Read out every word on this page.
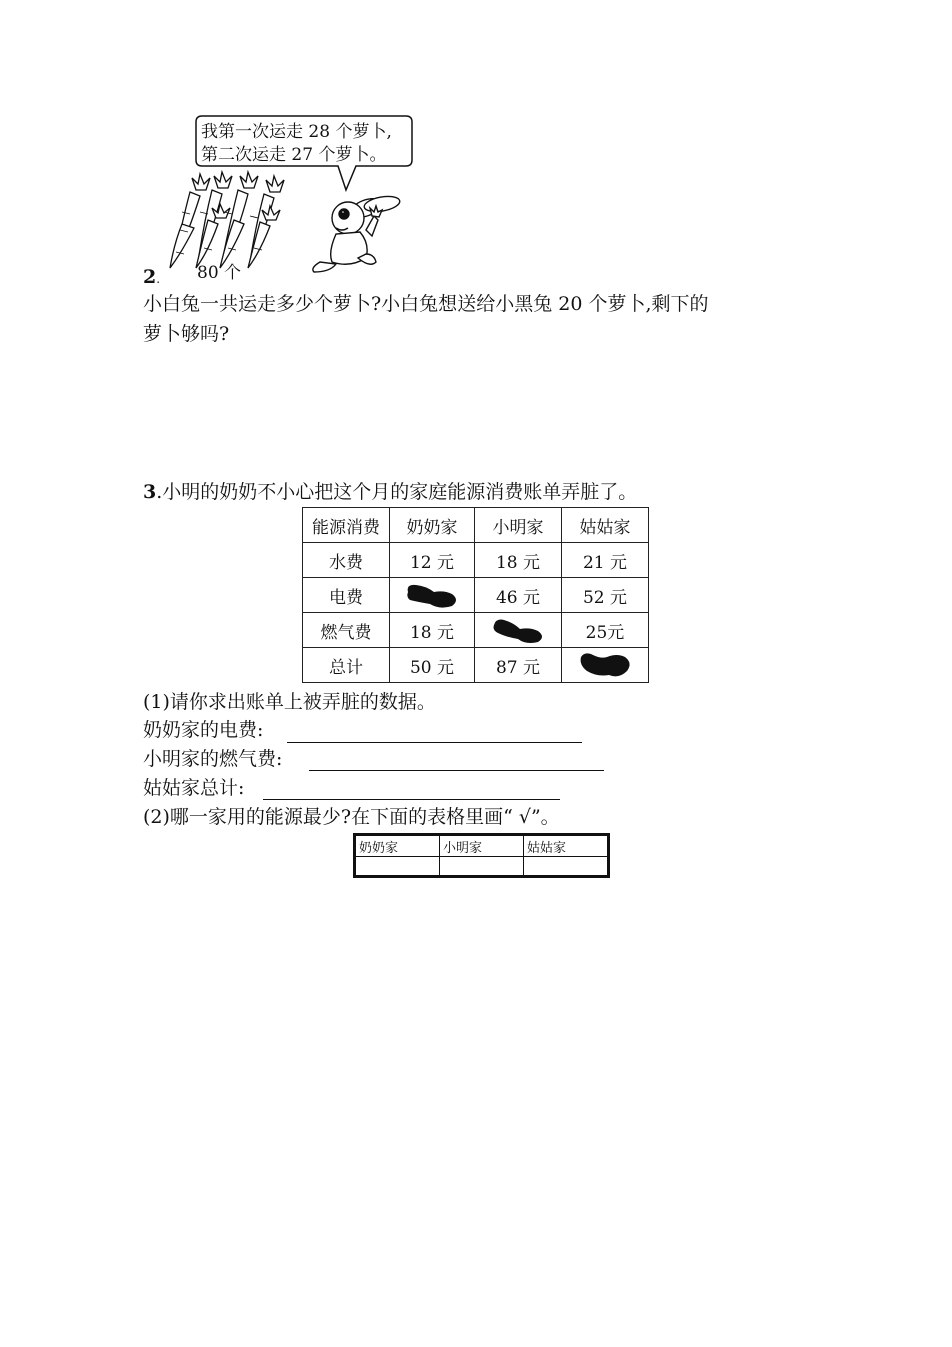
我第一次运走 28 个萝卜,
第二次运走 27 个萝卜。
2. 80 个
小白兔一共运走多少个萝卜?小白兔想送给小黑兔 20 个萝卜,剩下的
萝卜够吗?
3.小明的奶奶不小心把这个月的家庭能源消费账单弄脏了。
能源消费	奶奶家	小明家	姑姑家
水费	12 元	18 元	21 元
电费		46 元	52 元
燃气费	18 元		25元
总计	50 元	87 元	
(1)请你求出账单上被弄脏的数据。
奶奶家的电费:
小明家的燃气费:
姑姑家总计:
(2)哪一家用的能源最少?在下面的表格里画“ √”。
奶奶家	小明家	姑姑家
